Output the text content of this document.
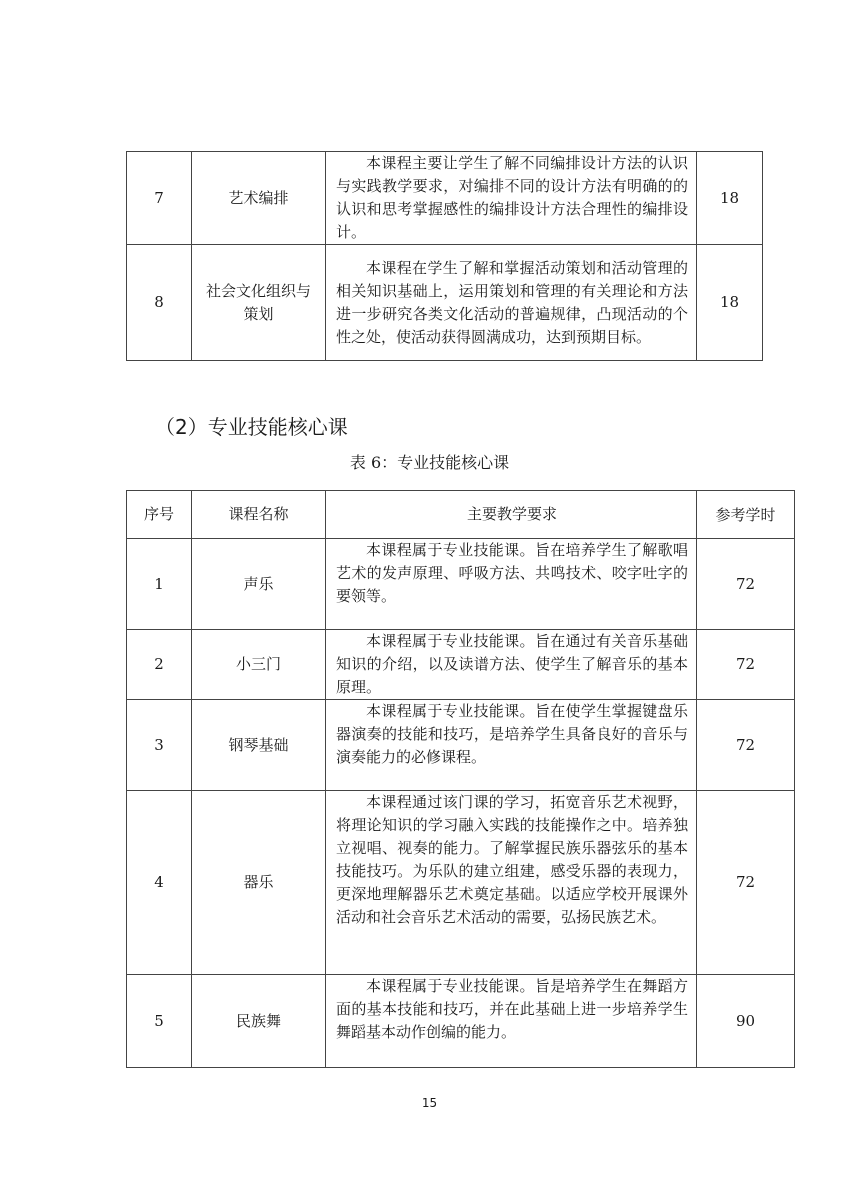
7	艺术编排	本课程主要让学生了解不同编排设计方法的认识与实践教学要求，对编排不同的设计方法有明确的的认识和思考掌握感性的编排设计方法合理性的编排设计。	18
8	社会文化组织与策划	本课程在学生了解和掌握活动策划和活动管理的相关知识基础上，运用策划和管理的有关理论和方法进一步研究各类文化活动的普遍规律，凸现活动的个性之处，使活动获得圆满成功，达到预期目标。	18
（2）专业技能核心课
表 6：专业技能核心课
序号	课程名称	主要教学要求	参考学时
1	声乐	本课程属于专业技能课。旨在培养学生了解歌唱艺术的发声原理、呼吸方法、共鸣技术、咬字吐字的要领等。	72
2	小三门	本课程属于专业技能课。旨在通过有关音乐基础知识的介绍，以及读谱方法、使学生了解音乐的基本原理。	72
3	钢琴基础	本课程属于专业技能课。旨在使学生掌握键盘乐器演奏的技能和技巧，是培养学生具备良好的音乐与演奏能力的必修课程。	72
4	器乐	本课程通过该门课的学习，拓宽音乐艺术视野，将理论知识的学习融入实践的技能操作之中。培养独立视唱、视奏的能力。了解掌握民族乐器弦乐的基本技能技巧。为乐队的建立组建，感受乐器的表现力，更深地理解器乐艺术奠定基础。以适应学校开展课外活动和社会音乐艺术活动的需要，弘扬民族艺术。	72
5	民族舞	本课程属于专业技能课。旨是培养学生在舞蹈方面的基本技能和技巧，并在此基础上进一步培养学生舞蹈基本动作创编的能力。	90
15
